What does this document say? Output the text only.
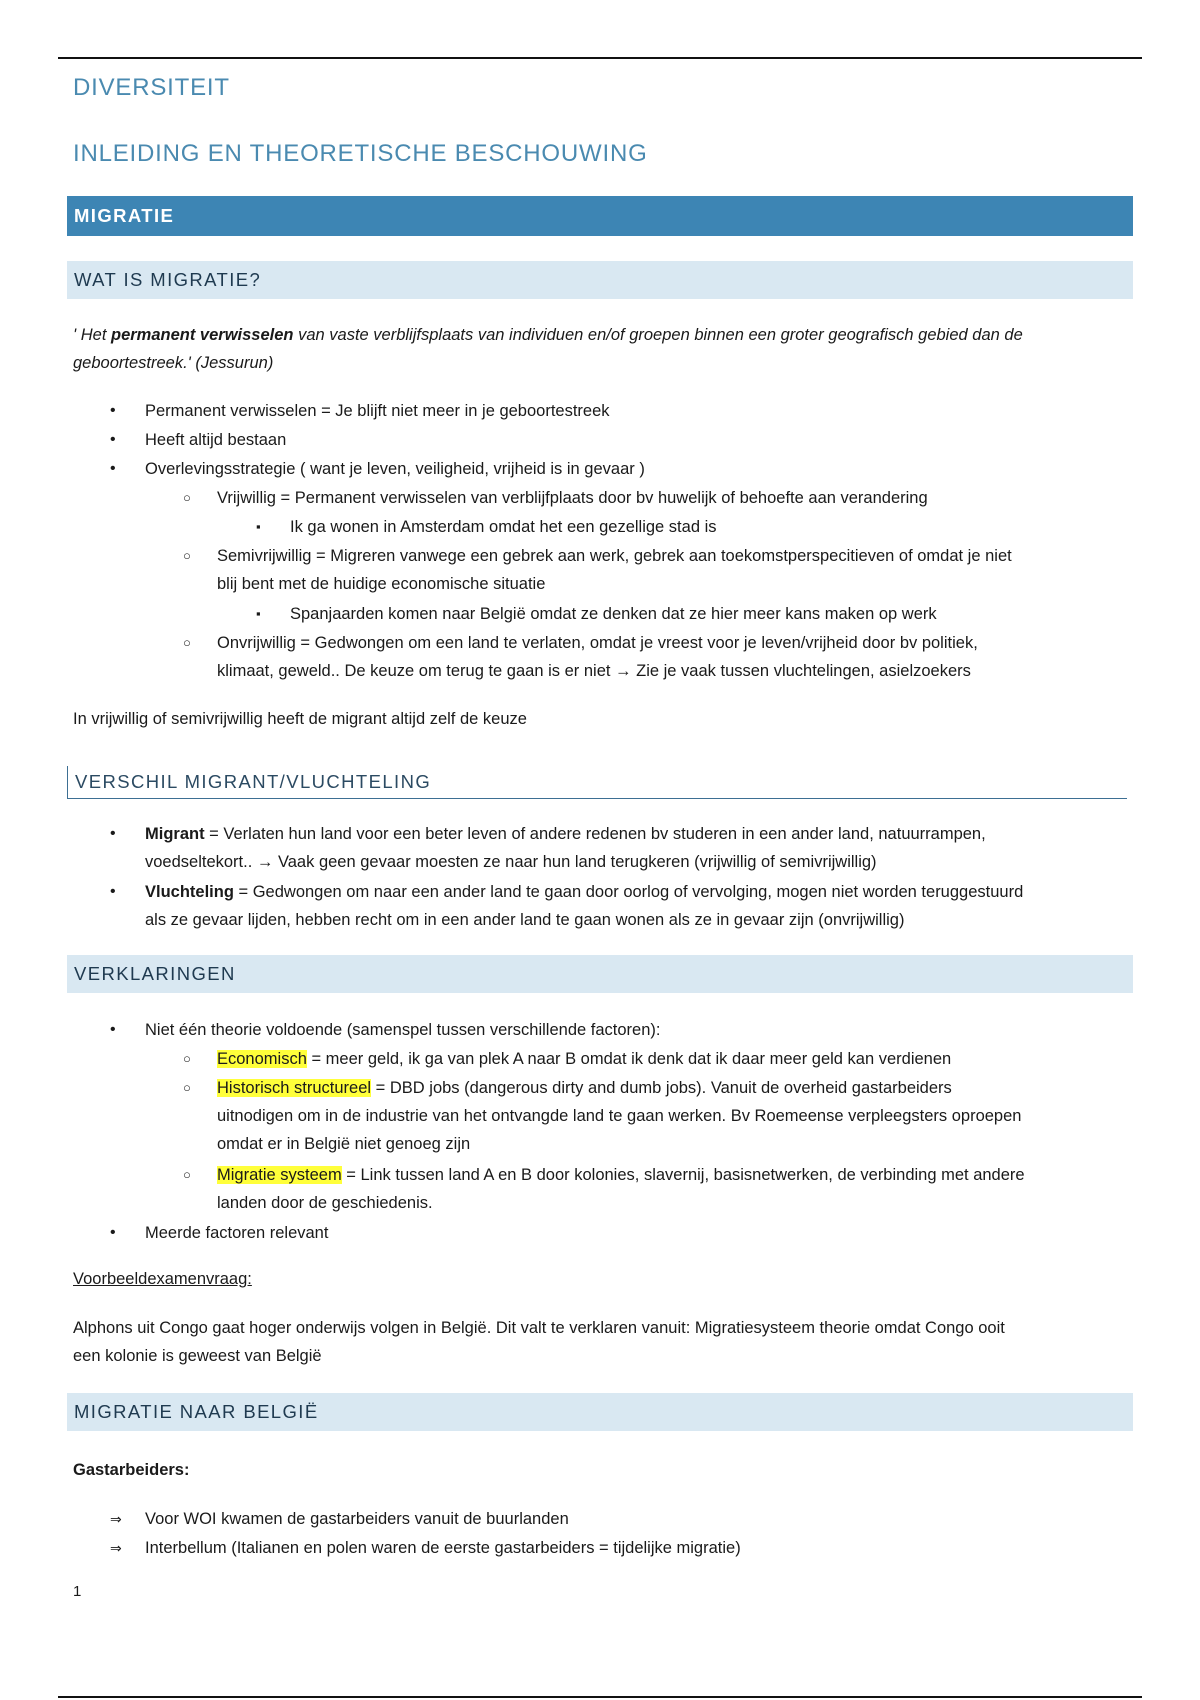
DIVERSITEIT
INLEIDING EN THEORETISCHE BESCHOUWING
MIGRATIE
WAT IS MIGRATIE?
' Het permanent verwisselen van vaste verblijfsplaats van individuen en/of groepen binnen een groter geografisch gebied dan de
geboortestreek.' (Jessurun)
• Permanent verwisselen = Je blijft niet meer in je geboortestreek
• Heeft altijd bestaan
• Overlevingsstrategie ( want je leven, veiligheid, vrijheid is in gevaar )
○ Vrijwillig = Permanent verwisselen van verblijfplaats door bv huwelijk of behoefte aan verandering
▪ Ik ga wonen in Amsterdam omdat het een gezellige stad is
○ Semivrijwillig = Migreren vanwege een gebrek aan werk, gebrek aan toekomstperspecitieven of omdat je niet
blij bent met de huidige economische situatie
▪ Spanjaarden komen naar België omdat ze denken dat ze hier meer kans maken op werk
○ Onvrijwillig = Gedwongen om een land te verlaten, omdat je vreest voor je leven/vrijheid door bv politiek,
klimaat, geweld.. De keuze om terug te gaan is er niet → Zie je vaak tussen vluchtelingen, asielzoekers
In vrijwillig of semivrijwillig heeft de migrant altijd zelf de keuze
VERSCHIL MIGRANT/VLUCHTELING
• Migrant = Verlaten hun land voor een beter leven of andere redenen bv studeren in een ander land, natuurrampen,
voedseltekort.. → Vaak geen gevaar moesten ze naar hun land terugkeren (vrijwillig of semivrijwillig)
• Vluchteling = Gedwongen om naar een ander land te gaan door oorlog of vervolging, mogen niet worden teruggestuurd
als ze gevaar lijden, hebben recht om in een ander land te gaan wonen als ze in gevaar zijn (onvrijwillig)
VERKLARINGEN
• Niet één theorie voldoende (samenspel tussen verschillende factoren):
○ Economisch = meer geld, ik ga van plek A naar B omdat ik denk dat ik daar meer geld kan verdienen
○ Historisch structureel = DBD jobs (dangerous dirty and dumb jobs). Vanuit de overheid gastarbeiders
uitnodigen om in de industrie van het ontvangde land te gaan werken. Bv Roemeense verpleegsters oproepen
omdat er in België niet genoeg zijn
○ Migratie systeem = Link tussen land A en B door kolonies, slavernij, basisnetwerken, de verbinding met andere
landen door de geschiedenis.
• Meerde factoren relevant
Voorbeeldexamenvraag:
Alphons uit Congo gaat hoger onderwijs volgen in België. Dit valt te verklaren vanuit: Migratiesysteem theorie omdat Congo ooit
een kolonie is geweest van België
MIGRATIE NAAR BELGIË
Gastarbeiders:
⇒ Voor WOI kwamen de gastarbeiders vanuit de buurlanden
⇒ Interbellum (Italianen en polen waren de eerste gastarbeiders = tijdelijke migratie)
1
